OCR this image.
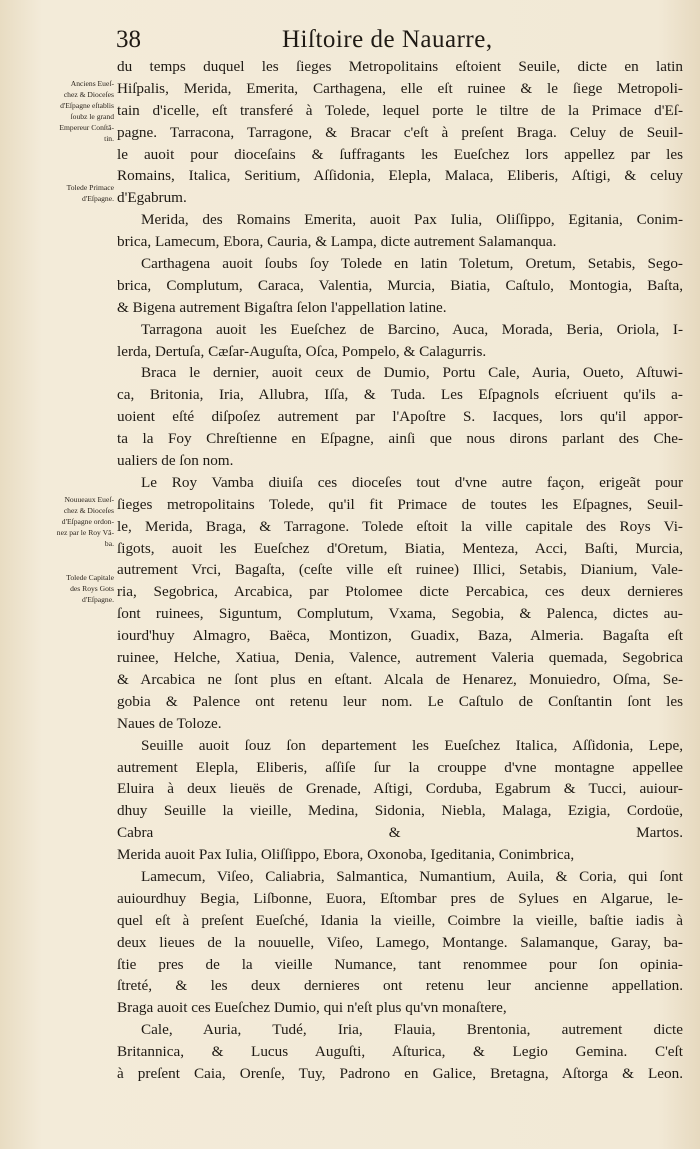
38	Hiſtoire de Nauarre,
Anciens Eueſ-
chez & Dioceſes
d'Eſpagne eſtablis
ſoubz le grand
Empereur Conſtã-
tin.
Tolede Primace
d'Eſpagne.
Nouueaux Eueſ-
chez & Dioceſes
d'Eſpagne ordon-
nez par le Roy Vã-
ba.
Tolede Capitale
des Roys Gots
d'Eſpagne.
du temps duquel les ſieges Metropolitains eſtoient Seuile, dicte en latin
Hiſpalis, Merida, Emerita, Carthagena, elle eſt ruinee & le ſiege Metropoli-
tain d'icelle, eſt transferé à Tolede, lequel porte le tiltre de la Primace d'Eſ-
pagne. Tarracona, Tarragone, & Bracar c'eſt à preſent Braga. Celuy de Seuil-
le auoit pour dioceſains & ſuffragants les Eueſchez lors appellez par les
Romains, Italica, Seritium, Aſſidonia, Elepla, Malaca, Eliberis, Aſtigi, & celuy
d'Egabrum.
Merida, des Romains Emerita, auoit Pax Iulia, Oliſſippo, Egitania, Conim-
brica, Lamecum, Ebora, Cauria, & Lampa, dicte autrement Salamanqua.
Carthagena auoit ſoubs ſoy Tolede en latin Toletum, Oretum, Setabis, Sego-
brica, Complutum, Caraca, Valentia, Murcia, Biatia, Caſtulo, Montogia, Baſta,
& Bigena autrement Bigaſtra ſelon l'appellation latine.
Tarragona auoit les Eueſchez de Barcino, Auca, Morada, Beria, Oriola, I-
lerda, Dertuſa, Cæſar-Auguſta, Oſca, Pompelo, & Calagurris.
Braca le dernier, auoit ceux de Dumio, Portu Cale, Auria, Oueto, Aſtuwi-
ca, Britonia, Iria, Allubra, Iſſa, & Tuda. Les Eſpagnols eſcriuent qu'ils a-
uoient eſté diſpoſez autrement par l'Apoſtre S. Iacques, lors qu'il appor-
ta la Foy Chreſtienne en Eſpagne, ainſi que nous dirons parlant des Che-
ualiers de ſon nom.
Le Roy Vamba diuiſa ces dioceſes tout d'vne autre façon, erigeãt pour
ſieges metropolitains Tolede, qu'il fit Primace de toutes les Eſpagnes, Seuil-
le, Merida, Braga, & Tarragone. Tolede eſtoit la ville capitale des Roys Vi-
ſigots, auoit les Eueſchez d'Oretum, Biatia, Menteza, Acci, Baſti, Murcia,
autrement Vrci, Bagaſta, (ceſte ville eſt ruinee) Illici, Setabis, Dianium, Vale-
ria, Segobrica, Arcabica, par Ptolomee dicte Percabica, ces deux dernieres
ſont ruinees, Siguntum, Complutum, Vxama, Segobia, & Palenca, dictes au-
iourd'huy Almagro, Baëca, Montizon, Guadix, Baza, Almeria. Bagaſta eſt
ruinee, Helche, Xatiua, Denia, Valence, autrement Valeria quemada, Segobrica
& Arcabica ne ſont plus en eſtant. Alcala de Henarez, Monuiedro, Oſma, Se-
gobia & Palence ont retenu leur nom. Le Caſtulo de Conſtantin ſont les
Naues de Toloze.
Seuille auoit ſouz ſon departement les Eueſchez Italica, Aſſidonia, Lepe,
autrement Elepla, Eliberis, aſſiſe ſur la crouppe d'vne montagne appellee
Eluira à deux lieuës de Grenade, Aſtigi, Corduba, Egabrum & Tucci, auiour-
dhuy Seuille la vieille, Medina, Sidonia, Niebla, Malaga, Ezigia, Cordoüe,
Cabra & Martos.
Merida auoit Pax Iulia, Oliſſippo, Ebora, Oxonoba, Igeditania, Conimbrica,
Lamecum, Viſeo, Caliabria, Salmantica, Numantium, Auila, & Coria, qui ſont
auiourdhuy Begia, Liſbonne, Euora, Eſtombar pres de Sylues en Algarue, le-
quel eſt à preſent Eueſché, Idania la vieille, Coimbre la vieille, baſtie iadis à
deux lieues de la nouuelle, Viſeo, Lamego, Montange. Salamanque, Garay, ba-
ſtie pres de la vieille Numance, tant renommee pour ſon opinia-
ſtreté, & les deux dernieres ont retenu leur ancienne appellation.
Braga auoit ces Eueſchez Dumio, qui n'eſt plus qu'vn monaſtere,
Cale, Auria, Tudé, Iria, Flauia, Brentonia, autrement dicte
Britannica, & Lucus Auguſti, Aſturica, & Legio Gemina. C'eſt
à preſent Caia, Orenſe, Tuy, Padrono en Galice, Bretagna, Aſtorga & Leon.
